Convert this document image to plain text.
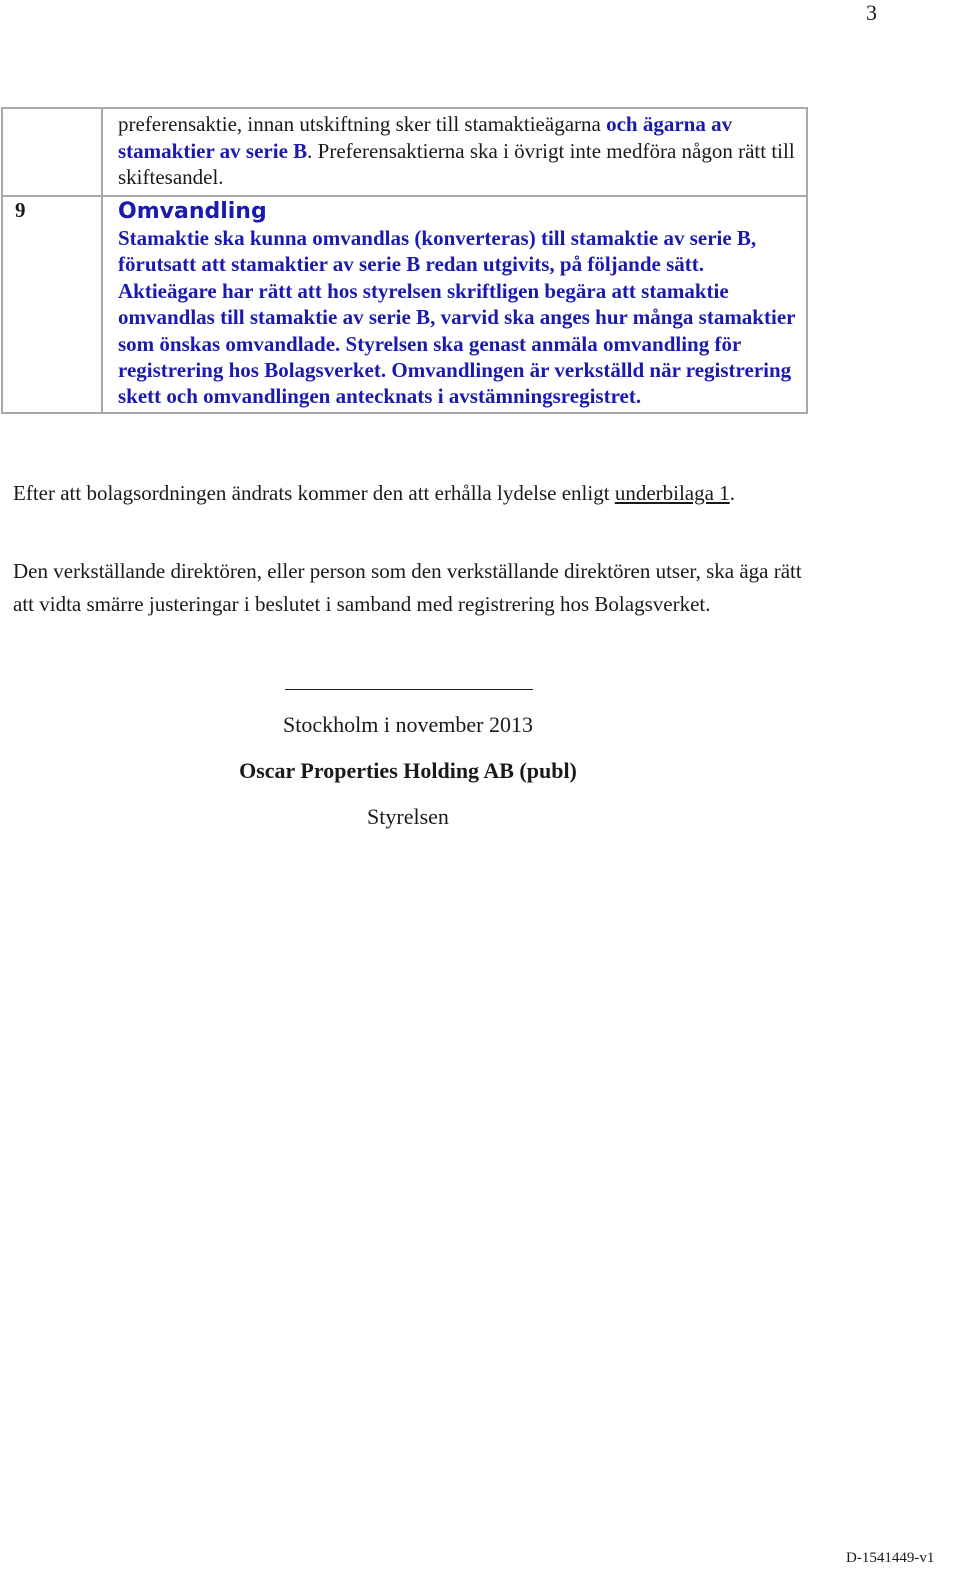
3
	preferensaktie, innan utskiftning sker till stamaktieägarna och ägarna av stamaktier av serie B. Preferensaktierna ska i övrigt inte medföra någon rätt till skiftesandel.

9	Omvandling
Stamaktie ska kunna omvandlas (konverteras) till stamaktie av serie B, förutsatt att stamaktier av serie B redan utgivits, på följande sätt. Aktieägare har rätt att hos styrelsen skriftligen begära att stamaktie omvandlas till stamaktie av serie B, varvid ska anges hur många stamaktier som önskas omvandlade. Styrelsen ska genast anmäla omvandling för registrering hos Bolagsverket. Omvandlingen är verkställd när registrering skett och omvandlingen antecknats i avstämningsregistret.
Efter att bolagsordningen ändrats kommer den att erhålla lydelse enligt underbilaga 1.
Den verkställande direktören, eller person som den verkställande direktören utser, ska äga rätt att vidta smärre justeringar i beslutet i samband med registrering hos Bolagsverket.
Stockholm i november 2013
Oscar Properties Holding AB (publ)
Styrelsen
D-1541449-v1
